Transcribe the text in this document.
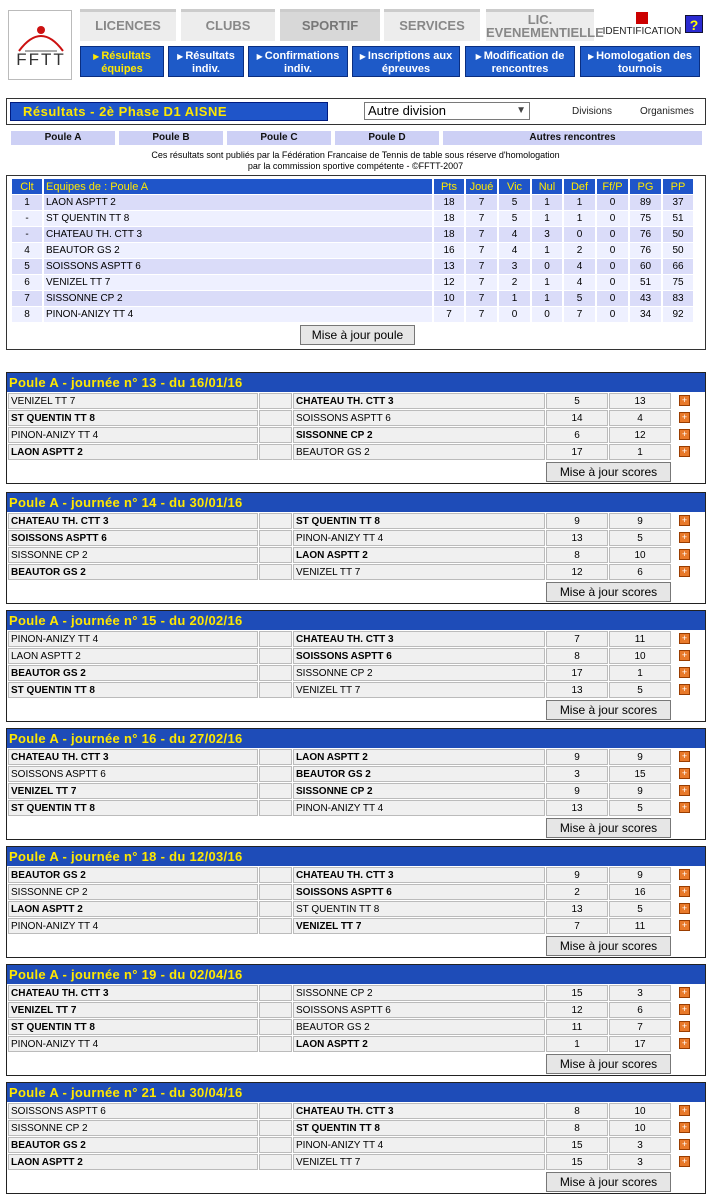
FFTT
LICENCES	CLUBS	SPORTIF	SERVICES	LIC. EVENEMENTIELLE
IDENTIFICATION ?
▶ Résultats équipes
▶ Résultats indiv.
▶ Confirmations indiv.
▶ Inscriptions aux épreuves
▶ Modification de rencontres
▶ Homologation des tournois
Résultats - 2è Phase D1 AISNE	Autre division	▼	Divisions	Organismes
Poule A	Poule B	Poule C	Poule D	Autres rencontres
Ces résultats sont publiés par la Fédération Francaise de Tennis de table sous réserve d'homologation
par la commission sportive compétente - ©FFTT-2007
Clt	Equipes de : Poule A	Pts	Joué	Vic	Nul	Def	Ff/P	PG	PP
1	LAON ASPTT 2	18	7	5	1	1	0	89	37
-	ST QUENTIN TT 8	18	7	5	1	1	0	75	51
-	CHATEAU TH. CTT 3	18	7	4	3	0	0	76	50
4	BEAUTOR GS 2	16	7	4	1	2	0	76	50
5	SOISSONS ASPTT 6	13	7	3	0	4	0	60	66
6	VENIZEL TT 7	12	7	2	1	4	0	51	75
7	SISSONNE CP 2	10	7	1	1	5	0	43	83
8	PINON-ANIZY TT 4	7	7	0	0	7	0	34	92
Mise à jour poule
Poule A - journée n° 13 - du 16/01/16
VENIZEL TT 7	CHATEAU TH. CTT 3	5	13	+
ST QUENTIN TT 8	SOISSONS ASPTT 6	14	4	+
PINON-ANIZY TT 4	SISSONNE CP 2	6	12	+
LAON ASPTT 2	BEAUTOR GS 2	17	1	+
Mise à jour scores
Poule A - journée n° 14 - du 30/01/16
CHATEAU TH. CTT 3	ST QUENTIN TT 8	9	9	+
SOISSONS ASPTT 6	PINON-ANIZY TT 4	13	5	+
SISSONNE CP 2	LAON ASPTT 2	8	10	+
BEAUTOR GS 2	VENIZEL TT 7	12	6	+
Mise à jour scores
Poule A - journée n° 15 - du 20/02/16
PINON-ANIZY TT 4	CHATEAU TH. CTT 3	7	11	+
LAON ASPTT 2	SOISSONS ASPTT 6	8	10	+
BEAUTOR GS 2	SISSONNE CP 2	17	1	+
ST QUENTIN TT 8	VENIZEL TT 7	13	5	+
Mise à jour scores
Poule A - journée n° 16 - du 27/02/16
CHATEAU TH. CTT 3	LAON ASPTT 2	9	9	+
SOISSONS ASPTT 6	BEAUTOR GS 2	3	15	+
VENIZEL TT 7	SISSONNE CP 2	9	9	+
ST QUENTIN TT 8	PINON-ANIZY TT 4	13	5	+
Mise à jour scores
Poule A - journée n° 18 - du 12/03/16
BEAUTOR GS 2	CHATEAU TH. CTT 3	9	9	+
SISSONNE CP 2	SOISSONS ASPTT 6	2	16	+
LAON ASPTT 2	ST QUENTIN TT 8	13	5	+
PINON-ANIZY TT 4	VENIZEL TT 7	7	11	+
Mise à jour scores
Poule A - journée n° 19 - du 02/04/16
CHATEAU TH. CTT 3	SISSONNE CP 2	15	3	+
VENIZEL TT 7	SOISSONS ASPTT 6	12	6	+
ST QUENTIN TT 8	BEAUTOR GS 2	11	7	+
PINON-ANIZY TT 4	LAON ASPTT 2	1	17	+
Mise à jour scores
Poule A - journée n° 21 - du 30/04/16
SOISSONS ASPTT 6	CHATEAU TH. CTT 3	8	10	+
SISSONNE CP 2	ST QUENTIN TT 8	8	10	+
BEAUTOR GS 2	PINON-ANIZY TT 4	15	3	+
LAON ASPTT 2	VENIZEL TT 7	15	3	+
Mise à jour scores
